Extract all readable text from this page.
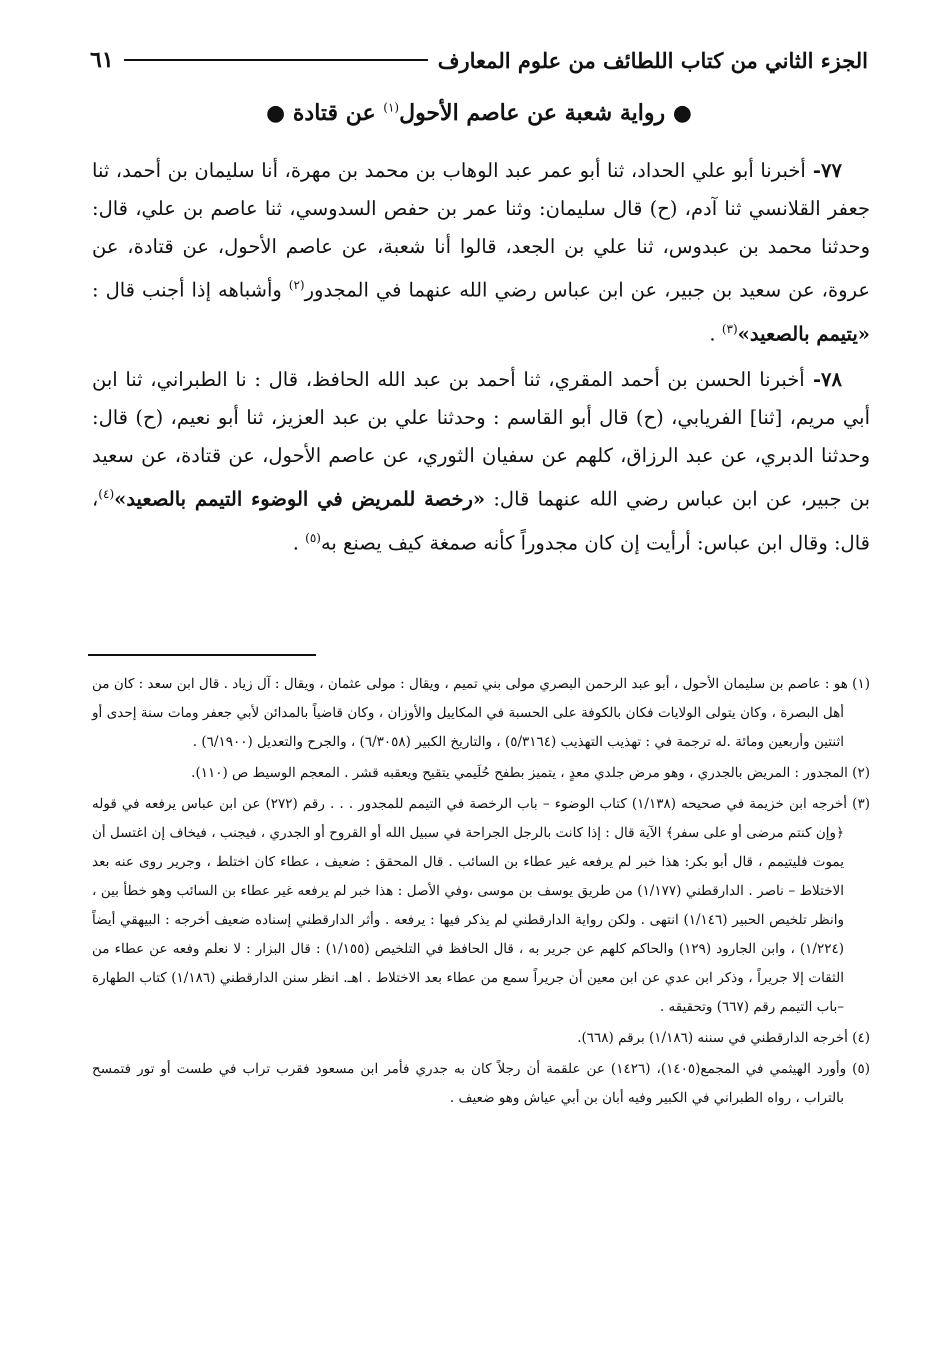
الجزء الثاني من كتاب اللطائف من علوم المعارف
٦١
● رواية شعبة عن عاصم الأحول$^{(١)}$ عن قتادة ●

٧٧- أخبرنا أبو علي الحداد، ثنا أبو عمر عبد الوهاب بن محمد بن مهرة، أنا سليمان بن أحمد، ثنا جعفر القلانسي ثنا آدم، (ح) قال سليمان: وثنا عمر بن حفص السدوسي، ثنا عاصم بن علي، قال: وحدثنا محمد بن عبدوس، ثنا علي بن الجعد، قالوا أنا شعبة، عن عاصم الأحول، عن قتادة، عن عروة، عن سعيد بن جبير، عن ابن عباس رضي الله عنهما في المجدور$^{(٢)}$ وأشباهه إذا أجنب قال : «يتيمم بالصعيد»$^{(٣)}$ .

٧٨- أخبرنا الحسن بن أحمد المقري، ثنا أحمد بن عبد الله الحافظ، قال : نا الطبراني، ثنا ابن أبي مريم، [ثنا] الفريابي، (ح) قال أبو القاسم : وحدثنا علي بن عبد العزيز، ثنا أبو نعيم، (ح) قال: وحدثنا الدبري، عن عبد الرزاق، كلهم عن سفيان الثوري، عن عاصم الأحول، عن قتادة، عن سعيد بن جبير، عن ابن عباس رضي الله عنهما قال: «رخصة للمريض في الوضوء التيمم بالصعيد»$^{(٤)}$، قال: وقال ابن عباس: أرأيت إن كان مجدوراً كأنه صمغة كيف يصنع به$^{(٥)}$ .

(١) هو : عاصم بن سليمان الأحول ، أبو عبد الرحمن البصري مولى بني تميم ، ويقال : مولى عثمان ، ويقال : آل زياد . قال ابن سعد : كان من أهل البصرة ، وكان يتولى الولايات فكان بالكوفة على الحسبة في المكاييل والأوزان ، وكان قاضياً بالمدائن لأبي جعفر ومات سنة إحدى أو اثنتين وأربعين ومائة .له ترجمة في : تهذيب التهذيب (٥/٣١٦٤) ، والتاريخ الكبير (٦/٣٠٥٨) ، والجرح والتعديل (٦/١٩٠٠) .

(٢) المجدور : المريض بالجدري ، وهو مرض جلدي معدٍ ، يتميز بطفح حُلَيمي يتقيح ويعقبه قشر . المعجم الوسيط ص (١١٠).

(٣) أخرجه ابن خزيمة في صحيحه (١/١٣٨) كتاب الوضوء – باب الرخصة في التيمم للمجدور . . . رقم (٢٧٢) عن ابن عباس يرفعه في قوله ﴿وإن كنتم مرضى أو على سفر﴾ الآية قال : إذا كانت بالرجل الجراحة في سبيل الله أو القروح أو الجدري ، فيجنب ، فيخاف إن اغتسل أن يموت فليتيمم ، قال أبو بكر: هذا خبر لم يرفعه غير عطاء بن السائب . قال المحقق : ضعيف ، عطاء كان اختلط ، وجرير روى عنه بعد الاختلاط – ناصر . الدارقطني (١/١٧٧) من طريق يوسف بن موسى ،وفي الأصل : هذا خبر لم يرفعه غير عطاء بن السائب وهو خطأ بين ، وانظر تلخيص الحبير (١/١٤٦) انتهى . ولكن رواية الدارقطني لم يذكر فيها : يرفعه . وأثر الدارقطني إسناده ضعيف أخرجه : البيهقي أيضاً (١/٢٢٤) ، وابن الجارود (١٢٩) والحاكم كلهم عن جرير به ، قال الحافظ في التلخيص (١/١٥٥) : قال البزار : لا نعلم وفعه عن عطاء من الثقات إلا جريراً ، وذكر ابن عدي عن ابن معين أن جريراً سمع من عطاء بعد الاختلاط . اهـ. انظر سنن الدارقطني (١/١٨٦) كتاب الطهارة –باب التيمم رقم (٦٦٧) وتحقيقه .

(٤) أخرجه الدارقطني في سننه (١/١٨٦) برقم (٦٦٨).

(٥) وأورد الهيثمي في المجمع(١٤٠٥)، (١٤٢٦) عن علقمة أن رجلاً كان به جدري فأمر ابن مسعود فقرب تراب في طست أو تور فتمسح بالتراب ، رواه الطبراني في الكبير وفيه أبان بن أبي عياش وهو ضعيف .
